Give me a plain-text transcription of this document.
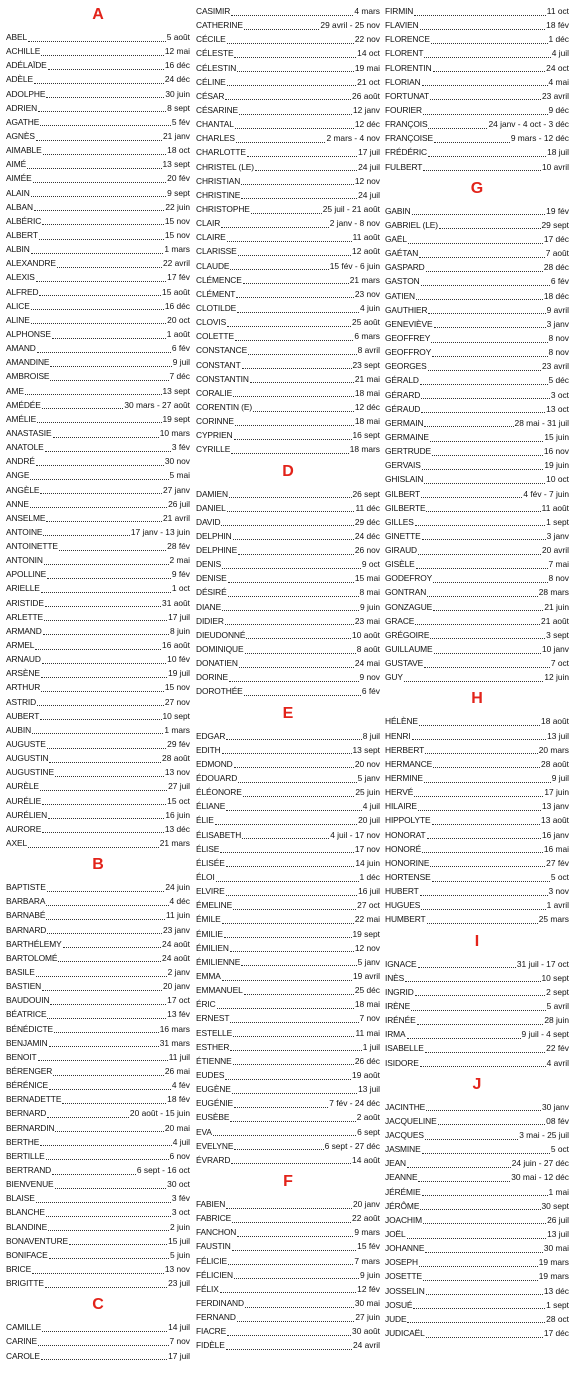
A
ABEL	5 août
ACHILLE	12 mai
ADÉLAÏDE	16 déc
ADÈLE	24 déc
ADOLPHE	30 juin
ADRIEN	8 sept
AGATHE	5 fév
AGNÈS	21 janv
AIMABLE	18 oct
AIMÉ	13 sept
AIMÉE	20 fév
ALAIN	9 sept
ALBAN	22 juin
ALBÉRIC	15 nov
ALBERT	15 nov
ALBIN	1 mars
ALEXANDRE	22 avril
ALEXIS	17 fév
ALFRED	15 août
ALICE	16 déc
ALINE	20 oct
ALPHONSE	1 août
AMAND	6 fév
AMANDINE	9 juil
AMBROISE	7 déc
AME	13 sept
AMÉDÉE	30 mars - 27 août
AMÉLIE	19 sept
ANASTASIE	10 mars
ANATOLE	3 fév
ANDRÉ	30 nov
ANGE	5 mai
ANGÈLE	27 janv
ANNE	26 juil
ANSELME	21 avril
ANTOINE	17 janv - 13 juin
ANTOINETTE	28 fév
ANTONIN	2 mai
APOLLINE	9 fév
ARIELLE	1 oct
ARISTIDE	31 août
ARLETTE	17 juil
ARMAND	8 juin
ARMEL	16 août
ARNAUD	10 fév
ARSÈNE	19 juil
ARTHUR	15 nov
ASTRID	27 nov
AUBERT	10 sept
AUBIN	1 mars
AUGUSTE	29 fév
AUGUSTIN	28 août
AUGUSTINE	13 nov
AURÈLE	27 juil
AURÉLIE	15 oct
AURÉLIEN	16 juin
AURORE	13 déc
AXEL	21 mars
B
BAPTISTE	24 juin
BARBARA	4 déc
BARNABÉ	11 juin
BARNARD	23 janv
BARTHÉLEMY	24 août
BARTOLOMÉ	24 août
BASILE	2 janv
BASTIEN	20 janv
BAUDOUIN	17 oct
BÉATRICE	13 fév
BÉNÉDICTE	16 mars
BENJAMIN	31 mars
BENOIT	11 juil
BÉRENGER	26 mai
BÉRÉNICE	4 fév
BERNADETTE	18 fév
BERNARD	20 août - 15 juin
BERNARDIN	20 mai
BERTHE	4 juil
BERTILLE	6 nov
BERTRAND	6 sept - 16 oct
BIENVENUE	30 oct
BLAISE	3 fév
BLANCHE	3 oct
BLANDINE	2 juin
BONAVENTURE	15 juil
BONIFACE	5 juin
BRICE	13 nov
BRIGITTE	23 juil
C
CAMILLE	14 juil
CARINE	7 nov
CAROLE	17 juil
CASIMIR	4 mars
CATHERINE	29 avril - 25 nov
CÉCILE	22 nov
CÉLESTE	14 oct
CÉLESTIN	19 mai
CÉLINE	21 oct
CÉSAR	26 août
CÉSARINE	12 janv
CHANTAL	12 déc
CHARLES	2 mars - 4 nov
CHARLOTTE	17 juil
CHRISTEL (LE)	24 juil
CHRISTIAN	12 nov
CHRISTINE	24 juil
CHRISTOPHE	25 juil - 21 août
CLAIR	2 janv - 8 nov
CLAIRE	11 août
CLARISSE	12 août
CLAUDE	15 fév - 6 juin
CLÉMENCE	21 mars
CLÉMENT	23 nov
CLOTILDE	4 juin
CLOVIS	25 août
COLETTE	6 mars
CONSTANCE	8 avril
CONSTANT	23 sept
CONSTANTIN	21 mai
CORALIE	18 mai
CORENTIN (E)	12 déc
CORINNE	18 mai
CYPRIEN	16 sept
CYRILLE	18 mars
D
DAMIEN	26 sept
DANIEL	11 déc
DAVID	29 déc
DELPHIN	24 déc
DELPHINE	26 nov
DENIS	9 oct
DENISE	15 mai
DÉSIRÉ	8 mai
DIANE	9 juin
DIDIER	23 mai
DIEUDONNÉ	10 août
DOMINIQUE	8 août
DONATIEN	24 mai
DORINE	9 nov
DOROTHÉE	6 fév
E
EDGAR	8 juil
EDITH	13 sept
EDMOND	20 nov
ÉDOUARD	5 janv
ÉLÉONORE	25 juin
ÉLIANE	4 juil
ÉLIE	20 juil
ÉLISABETH	4 juil - 17 nov
ÉLISE	17 nov
ÉLISÉE	14 juin
ÉLOI	1 déc
ELVIRE	16 juil
ÉMELINE	27 oct
ÉMILE	22 mai
ÉMILIE	19 sept
ÉMILIEN	12 nov
ÉMILIENNE	5 janv
EMMA	19 avril
EMMANUEL	25 déc
ÉRIC	18 mai
ERNEST	7 nov
ESTELLE	11 mai
ESTHER	1 juil
ÉTIENNE	26 déc
EUDES	19 août
EUGÈNE	13 juil
EUGÉNIE	7 fév - 24 déc
EUSÈBE	2 août
EVA	6 sept
EVELYNE	6 sept - 27 déc
ÉVRARD	14 août
F
FABIEN	20 janv
FABRICE	22 août
FANCHON	9 mars
FAUSTIN	15 fév
FÉLICIE	7 mars
FÉLICIEN	9 juin
FÉLIX	12 fév
FERDINAND	30 mai
FERNAND	27 juin
FIACRE	30 août
FIDÈLE	24 avril
FIRMIN	11 oct
FLAVIEN	18 fév
FLORENCE	1 déc
FLORENT	4 juil
FLORENTIN	24 oct
FLORIAN	4 mai
FORTUNAT	23 avril
FOURIER	9 déc
FRANÇOIS	24 janv - 4 oct - 3 déc
FRANÇOISE	9 mars - 12 déc
FRÉDÉRIC	18 juil
FULBERT	10 avril
G
GABIN	19 fév
GABRIEL (LE)	29 sept
GAËL	17 déc
GAÉTAN	7 août
GASPARD	28 déc
GASTON	6 fév
GATIEN	18 déc
GAUTHIER	9 avril
GENEVIÈVE	3 janv
GEOFFREY	8 nov
GEOFFROY	8 nov
GEORGES	23 avril
GÉRALD	5 déc
GÉRARD	3 oct
GÉRAUD	13 oct
GERMAIN	28 mai - 31 juil
GERMAINE	15 juin
GERTRUDE	16 nov
GERVAIS	19 juin
GHISLAIN	10 oct
GILBERT	4 fév - 7 juin
GILBERTE	11 août
GILLES	1 sept
GINETTE	3 janv
GIRAUD	20 avril
GISÈLE	7 mai
GODEFROY	8 nov
GONTRAN	28 mars
GONZAGUE	21 juin
GRACE	21 août
GRÉGOIRE	3 sept
GUILLAUME	10 janv
GUSTAVE	7 oct
GUY	12 juin
H
HÉLÈNE	18 août
HENRI	13 juil
HERBERT	20 mars
HERMANCE	28 août
HERMINE	9 juil
HERVÉ	17 juin
HILAIRE	13 janv
HIPPOLYTE	13 août
HONORAT	16 janv
HONORÉ	16 mai
HONORINE	27 fév
HORTENSE	5 oct
HUBERT	3 nov
HUGUES	1 avril
HUMBERT	25 mars
I
IGNACE	31 juil - 17 oct
INÈS	10 sept
INGRID	2 sept
IRÈNE	5 avril
IRÉNÉE	28 juin
IRMA	9 juil - 4 sept
ISABELLE	22 fév
ISIDORE	4 avril
J
JACINTHE	30 janv
JACQUELINE	08 fév
JACQUES	3 mai - 25 juil
JASMINE	5 oct
JEAN	24 juin - 27 déc
JEANNE	30 mai - 12 déc
JÉRÉMIE	1 mai
JÉRÔME	30 sept
JOACHIM	26 juil
JOËL	13 juil
JOHANNE	30 mai
JOSEPH	19 mars
JOSETTE	19 mars
JOSSELIN	13 déc
JOSUÉ	1 sept
JUDE	28 oct
JUDICAËL	17 déc
